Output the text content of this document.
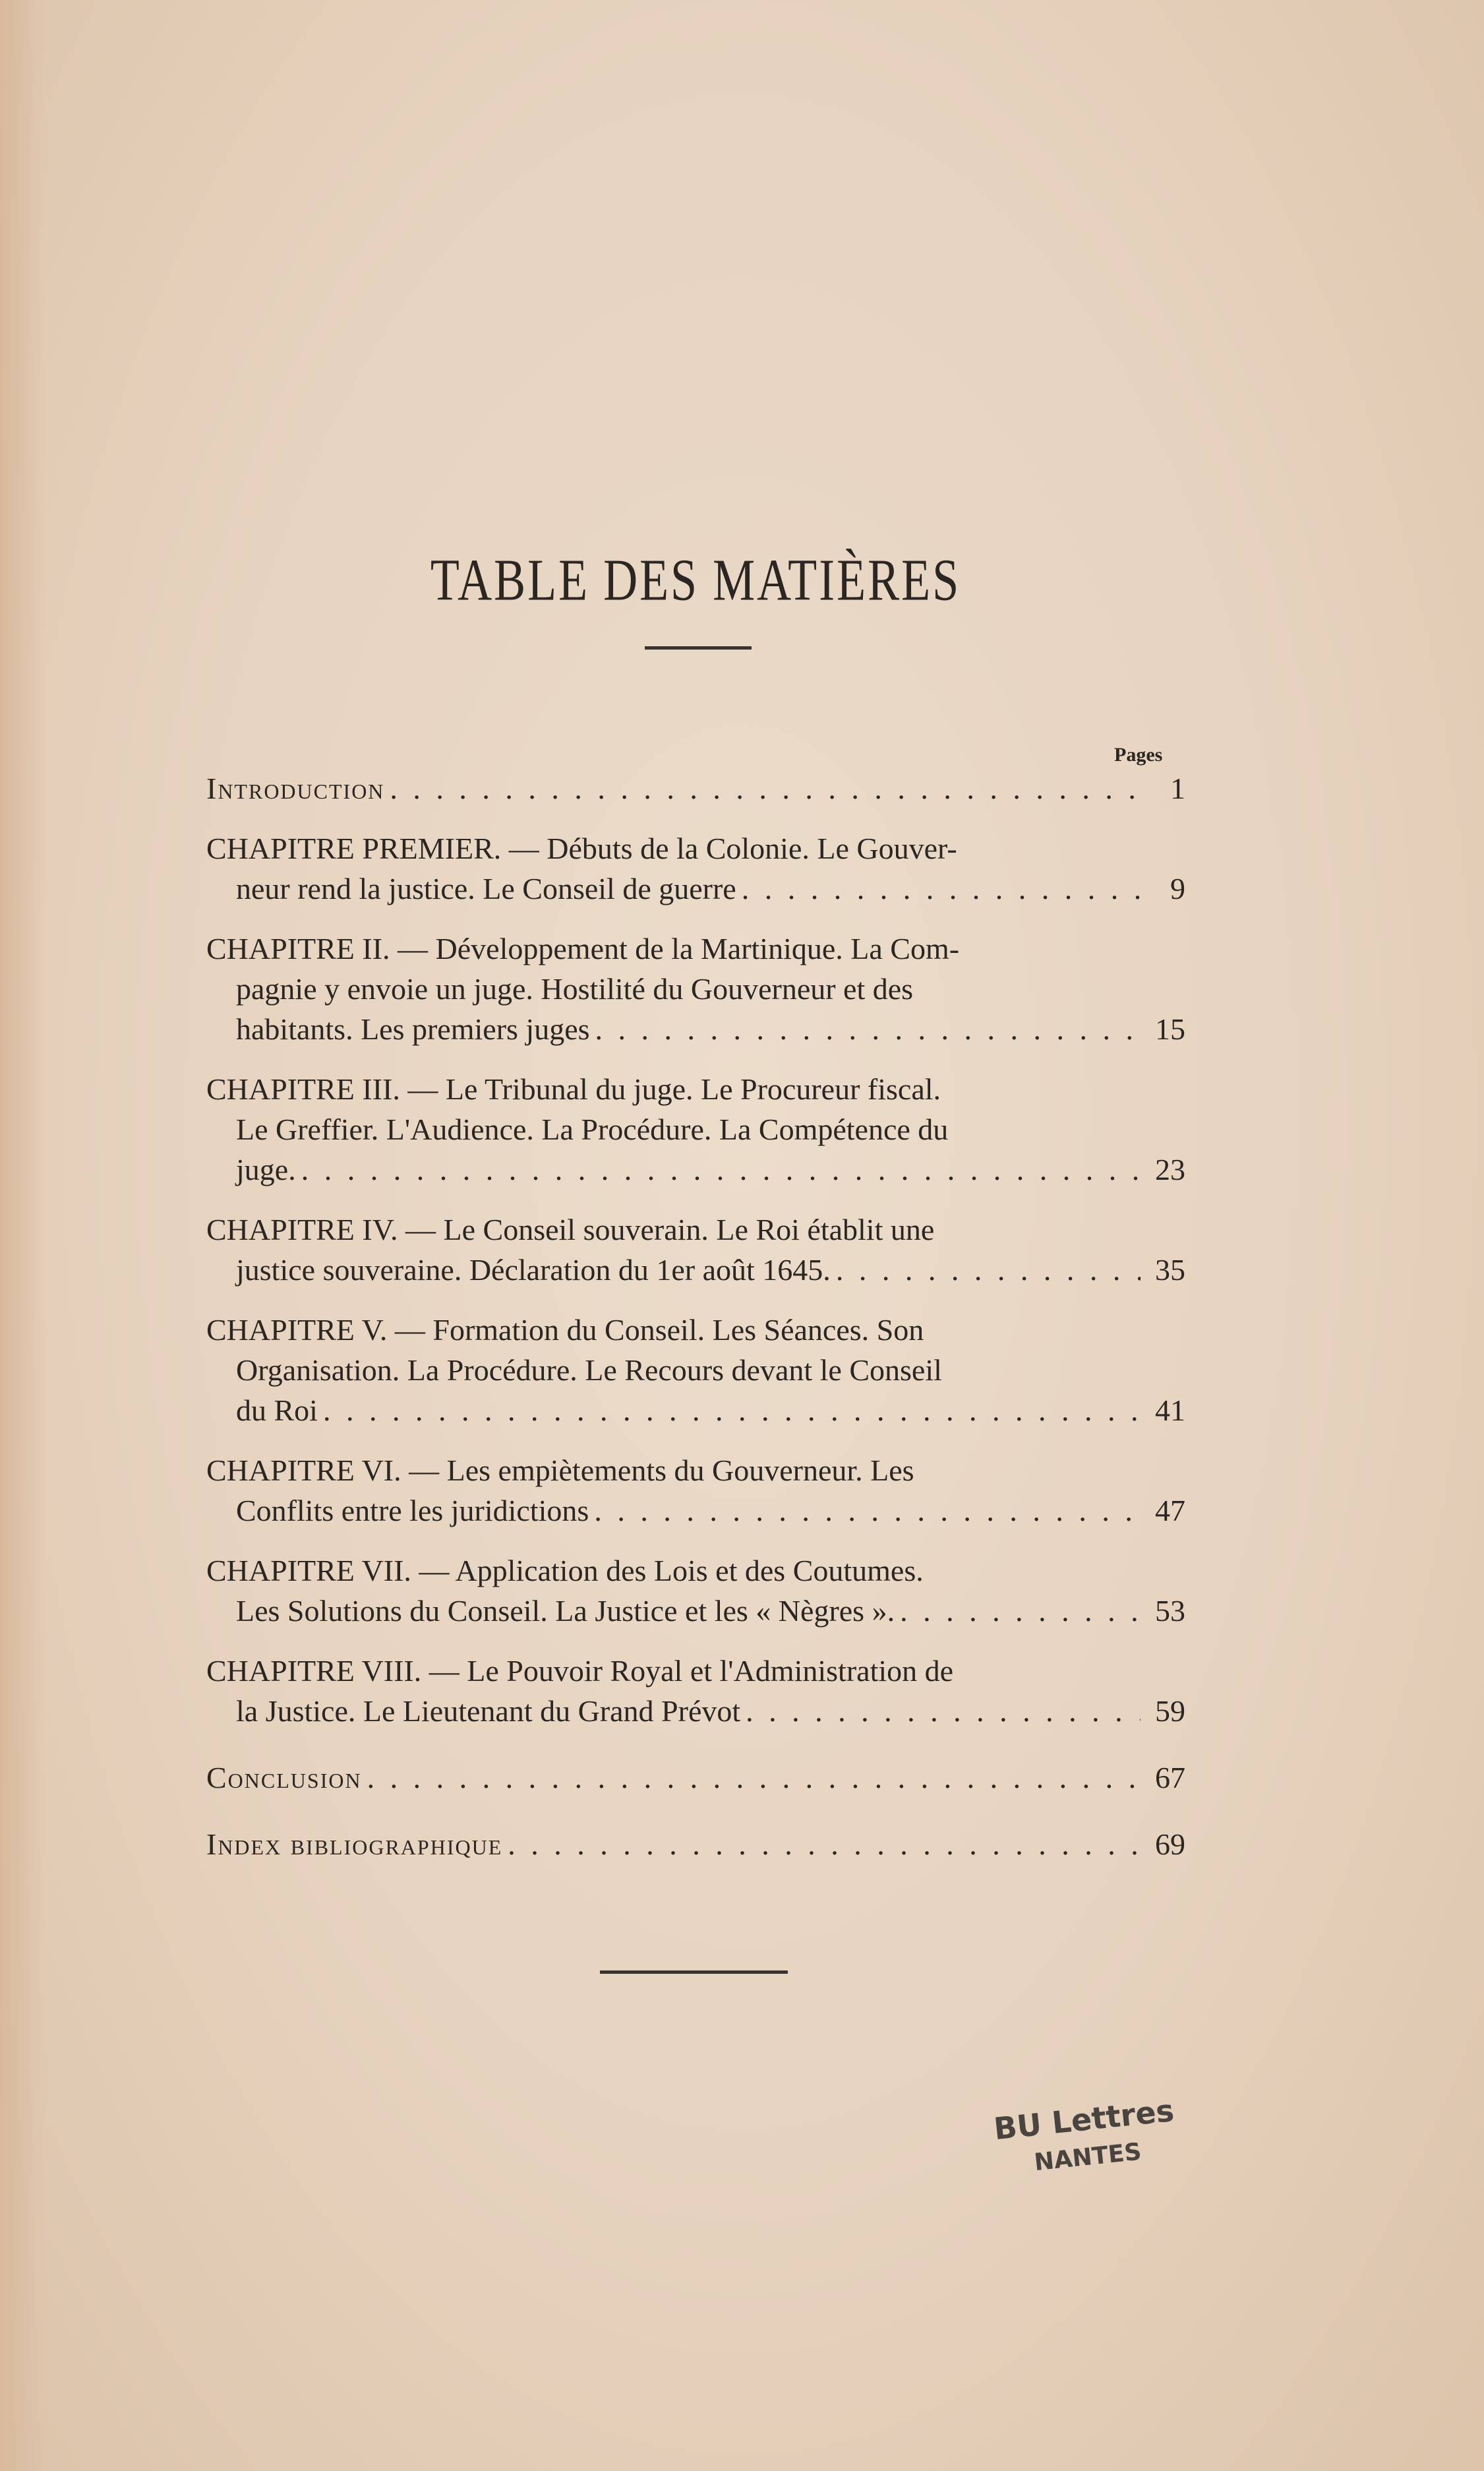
TABLE DES MATIÈRES
Pages
Introduction . . .	1
CHAPITRE PREMIER.
— Débuts de la Colonie. Le Gouver-
neur rend la justice. Le Conseil de guerre . . .	9
CHAPITRE II.
— Développement de la Martinique. La Com-
pagnie y envoie un juge. Hostilité du Gouverneur et des
habitants. Les premiers juges . . .	15
CHAPITRE III.
— Le Tribunal du juge. Le Procureur fiscal.
Le Greffier. L'Audience. La Procédure. La Compétence du
juge. . . .	23
CHAPITRE IV.
— Le Conseil souverain. Le Roi établit une
justice souveraine. Déclaration du 1er août 1645. . . .	35
CHAPITRE V.
— Formation du Conseil. Les Séances. Son
Organisation. La Procédure. Le Recours devant le Conseil
du Roi . . .	41
CHAPITRE VI.
— Les empiètements du Gouverneur. Les
Conflits entre les juridictions . . .	47
CHAPITRE VII.
— Application des Lois et des Coutumes.
Les Solutions du Conseil. La Justice et les « Nègres ». . . .	53
CHAPITRE VIII.
— Le Pouvoir Royal et l'Administration de
la Justice. Le Lieutenant du Grand Prévot . . .	59
Conclusion . . .	67
Index bibliographique . . .	69
BU Lettres
NANTES
